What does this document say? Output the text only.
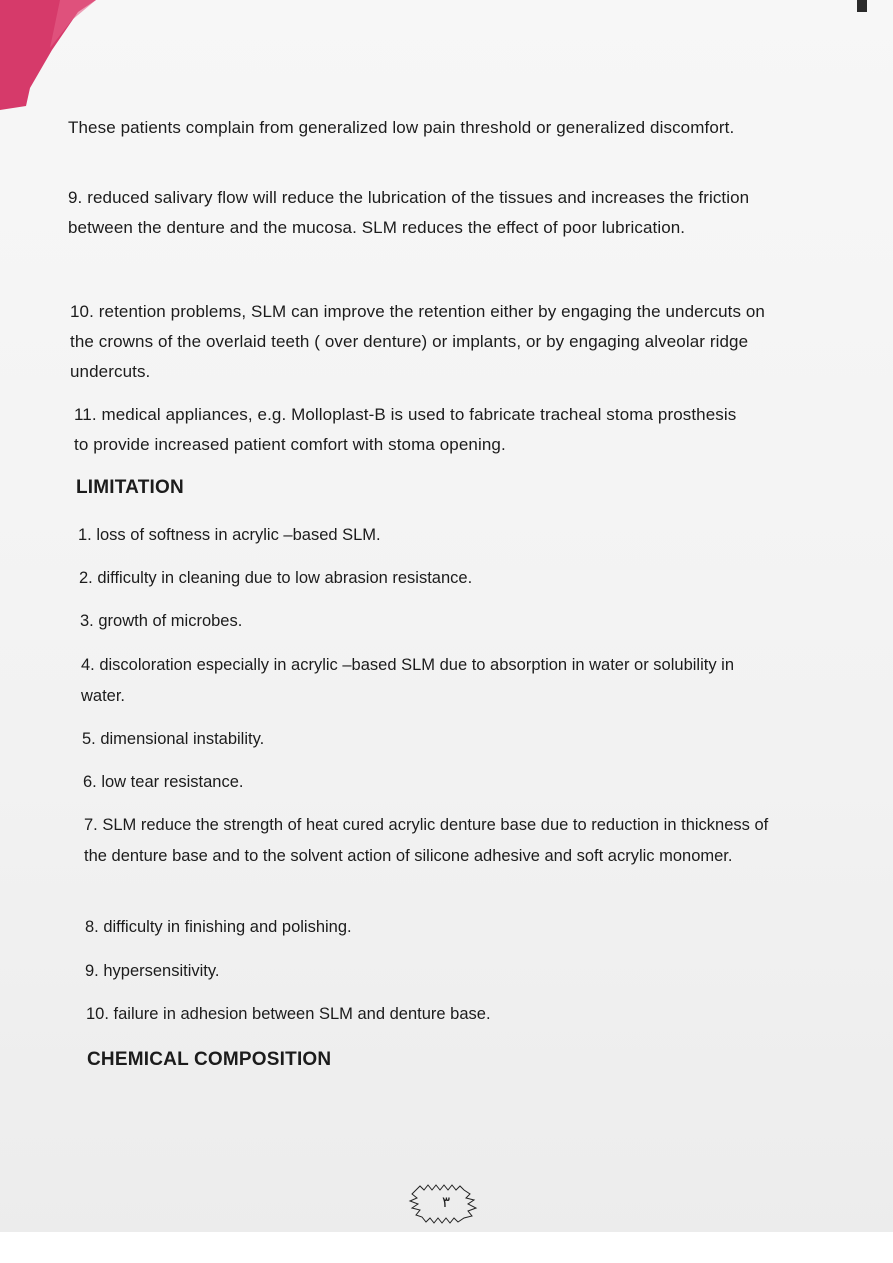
These patients complain from generalized low pain threshold or generalized discomfort.

9. reduced salivary flow will reduce the lubrication of the tissues and increases the friction between the denture and the mucosa. SLM reduces the effect of poor lubrication.

10. retention problems, SLM can improve the retention either by engaging the undercuts on the crowns of the overlaid teeth ( over denture) or implants, or by engaging alveolar ridge undercuts.

11. medical appliances, e.g. Molloplast-B is used to fabricate tracheal stoma prosthesis to provide increased patient comfort with stoma opening.

LIMITATION

1. loss of softness in acrylic –based SLM.

2. difficulty in cleaning due to low abrasion resistance.

3. growth of microbes.

4. discoloration especially in acrylic –based SLM due to absorption in water or solubility in water.

5. dimensional instability.

6. low tear resistance.

7. SLM reduce the strength of heat cured acrylic denture base due to reduction in thickness of the denture base and to the solvent action of silicone adhesive and soft acrylic monomer.

8. difficulty in finishing and polishing.

9. hypersensitivity.

10. failure in adhesion between SLM and denture base.

CHEMICAL COMPOSITION
٣
